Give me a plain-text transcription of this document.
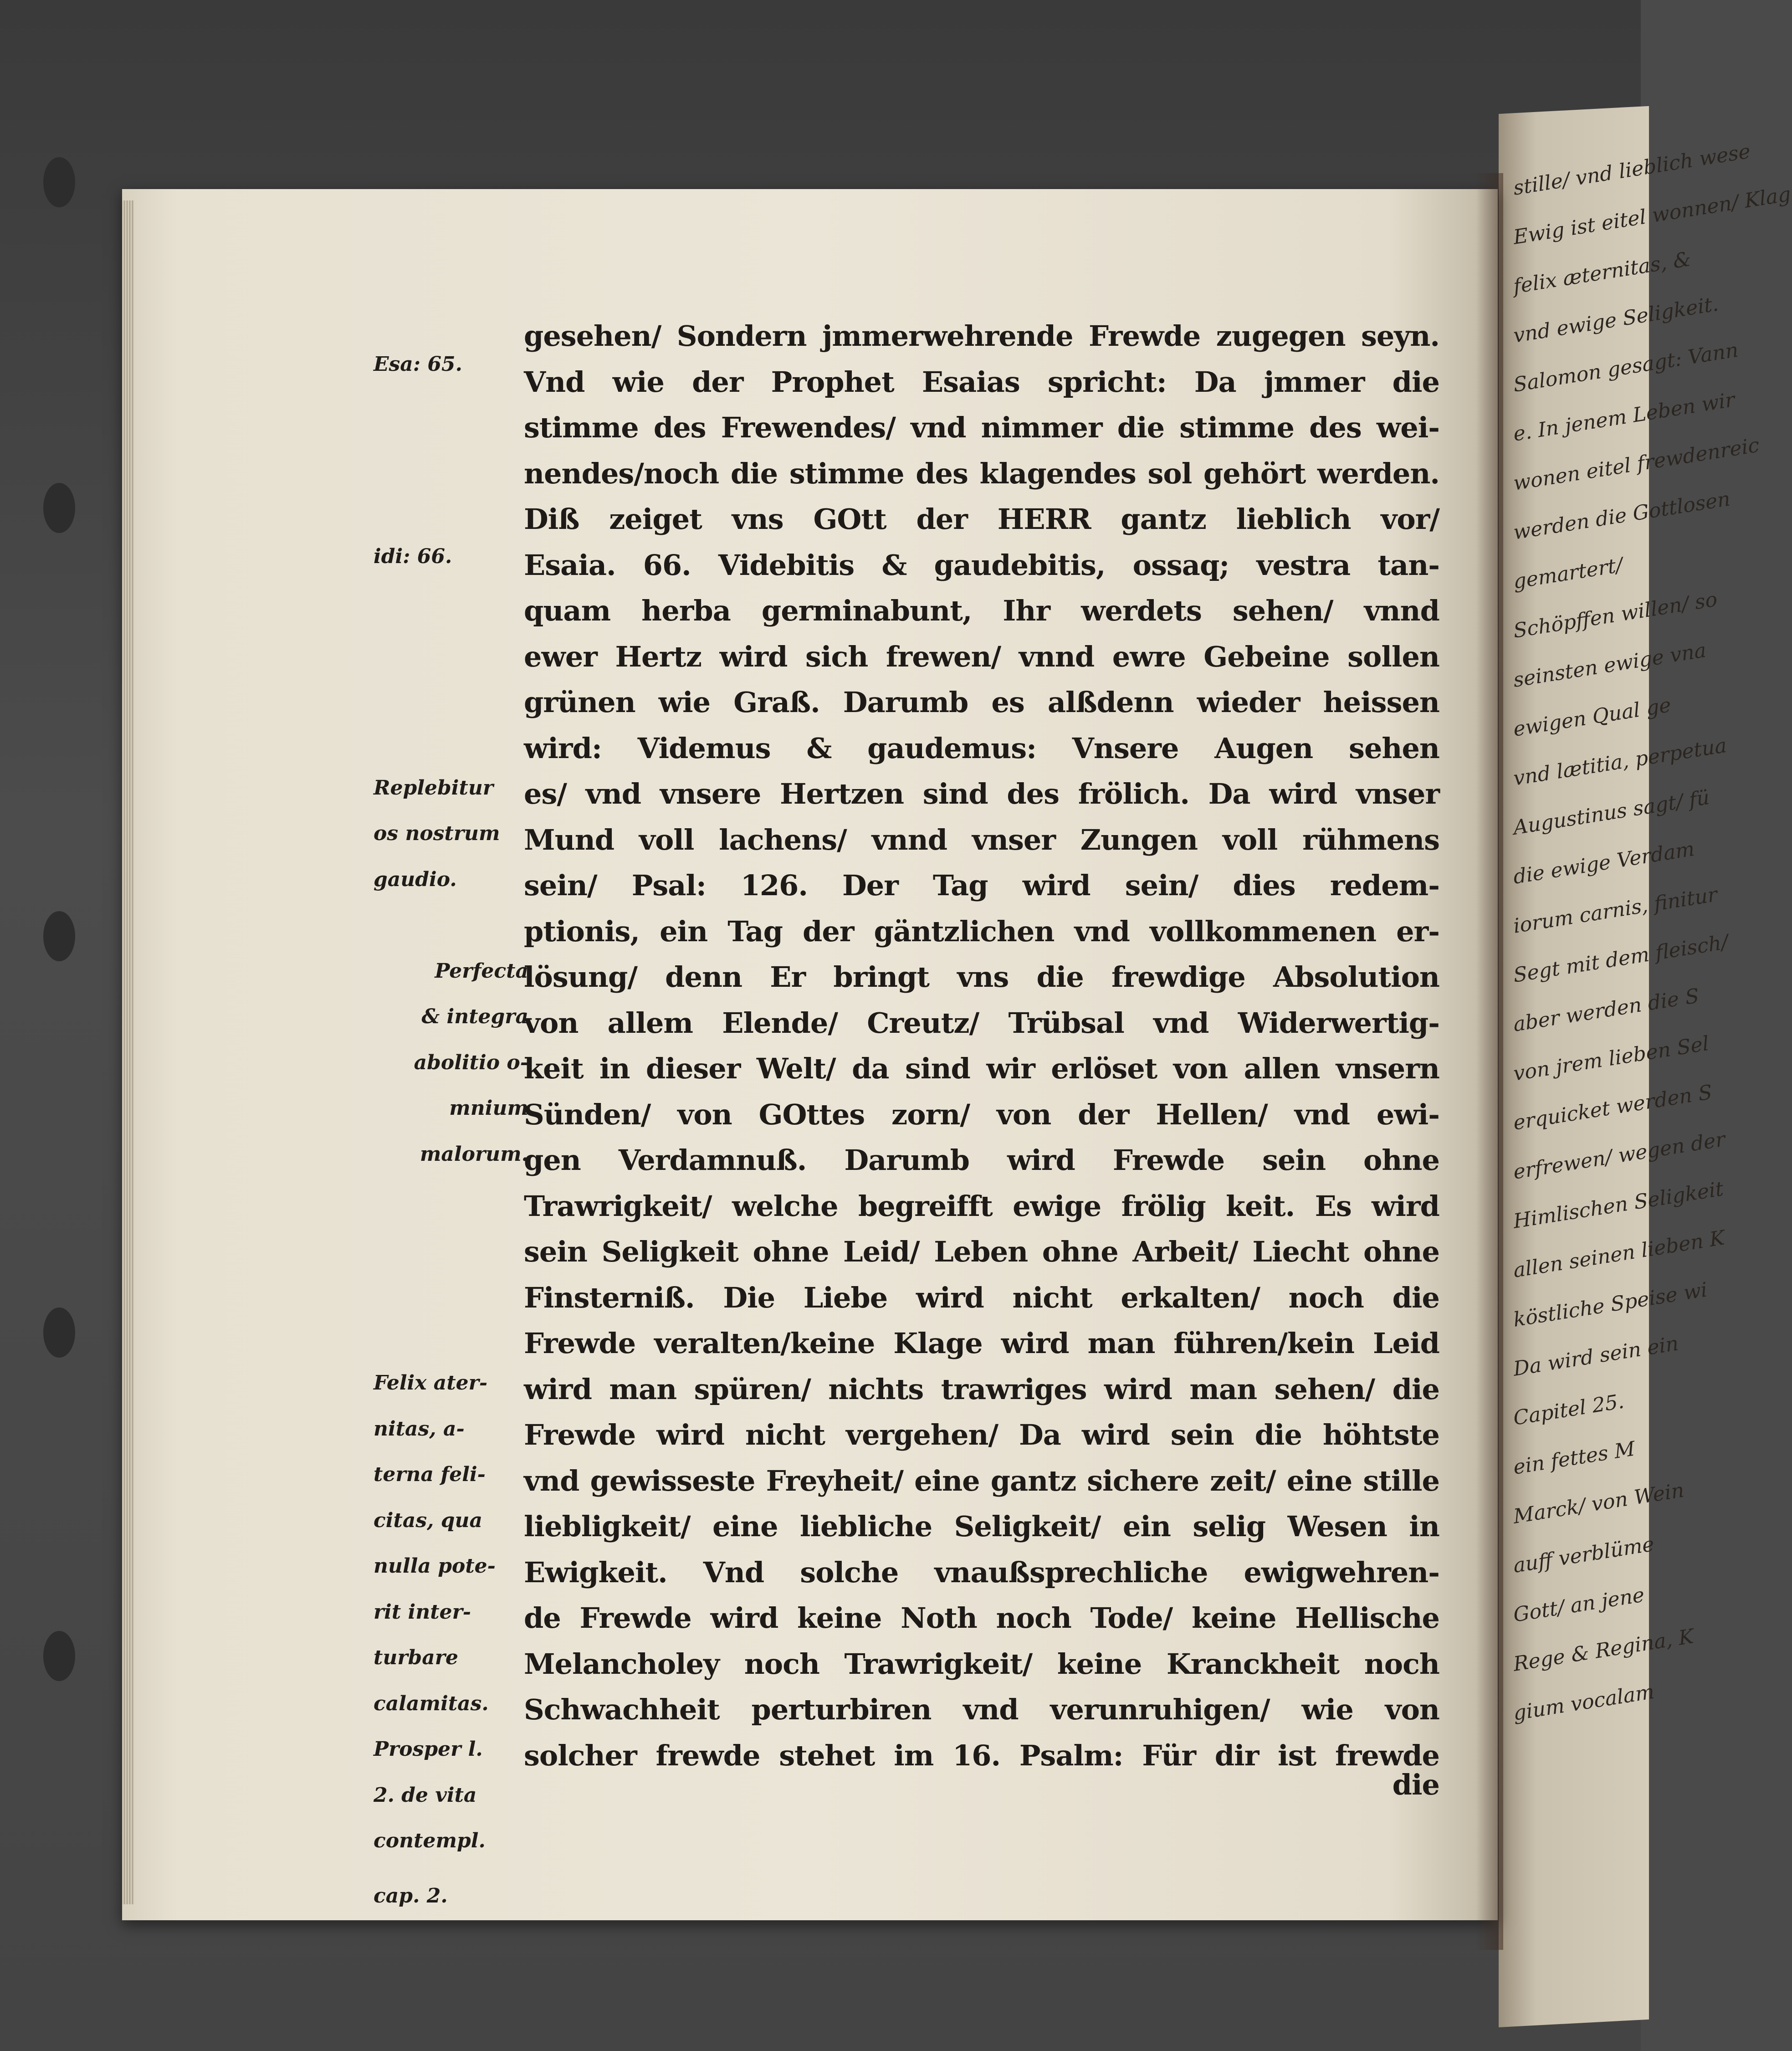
stille/ vnd lieblich wese
Ewig ist eitel wonnen/ Klag
felix æternitas, &
vnd ewige Seligkeit.
Salomon gesagt: Vann
e. In jenem Leben wir
wonen eitel frewdenreic
werden die Gottlosen
gemartert/
Schöpffen willen/ so
seinsten ewige vna
ewigen Qual ge
vnd lætitia, perpetua
Augustinus sagt/ fü
die ewige Verdam
iorum carnis, finitur
Segt mit dem fleisch/
aber werden die S
von jrem lieben Sel
erquicket werden S
erfrewen/ wegen der
Himlischen Seligkeit
allen seinen lieben K
köstliche Speise wi
Da wird sein ein
Capitel 25.
ein fettes M
Marck/ von Wein
auff verblüme
Gott/ an jene
Rege & Regina, K
gium vocalam
Esa: 65.
idi: 66.
Replebitur
os nostrum
gaudio.
Perfecta
& integra
abolitio o-
mnium
malorum.
Felix ater-
nitas, a-
terna feli-
citas, qua
nulla pote-
rit inter-
turbare
calamitas.
Prosper l.
2. de vita
contempl.
cap. 2.
gesehen/ Sondern jmmerwehrende Frewde zugegen seyn.
Vnd wie der Prophet Esaias spricht: Da jmmer die
stimme des Frewendes/ vnd nimmer die stimme des wei-
nendes/noch die stimme des klagendes sol gehört werden.
Diß zeiget vns GOtt der HERR gantz lieblich vor/
Esaia. 66. Videbitis & gaudebitis, ossaq; vestra tan-
quam herba germinabunt, Ihr werdets sehen/ vnnd
ewer Hertz wird sich frewen/ vnnd ewre Gebeine sollen
grünen wie Graß. Darumb es alßdenn wieder heissen
wird: Videmus & gaudemus: Vnsere Augen sehen
es/ vnd vnsere Hertzen sind des frölich. Da wird vnser
Mund voll lachens/ vnnd vnser Zungen voll rühmens
sein/ Psal: 126. Der Tag wird sein/ dies redem-
ptionis, ein Tag der gäntzlichen vnd vollkommenen er-
lösung/ denn Er bringt vns die frewdige Absolution
von allem Elende/ Creutz/ Trübsal vnd Widerwertig-
keit in dieser Welt/ da sind wir erlöset von allen vnsern
Sünden/ von GOttes zorn/ von der Hellen/ vnd ewi-
gen Verdamnuß. Darumb wird Frewde sein ohne
Trawrigkeit/ welche begreifft ewige frölig keit. Es wird
sein Seligkeit ohne Leid/ Leben ohne Arbeit/ Liecht ohne
Finsterniß. Die Liebe wird nicht erkalten/ noch die
Frewde veralten/keine Klage wird man führen/kein Leid
wird man spüren/ nichts trawriges wird man sehen/ die
Frewde wird nicht vergehen/ Da wird sein die höhtste
vnd gewisseste Freyheit/ eine gantz sichere zeit/ eine stille
liebligkeit/ eine liebliche Seligkeit/ ein selig Wesen in
Ewigkeit. Vnd solche vnaußsprechliche ewigwehren-
de Frewde wird keine Noth noch Tode/ keine Hellische
Melancholey noch Trawrigkeit/ keine Kranckheit noch
Schwachheit perturbiren vnd verunruhigen/ wie von
solcher frewde stehet im 16. Psalm: Für dir ist frewde
die
